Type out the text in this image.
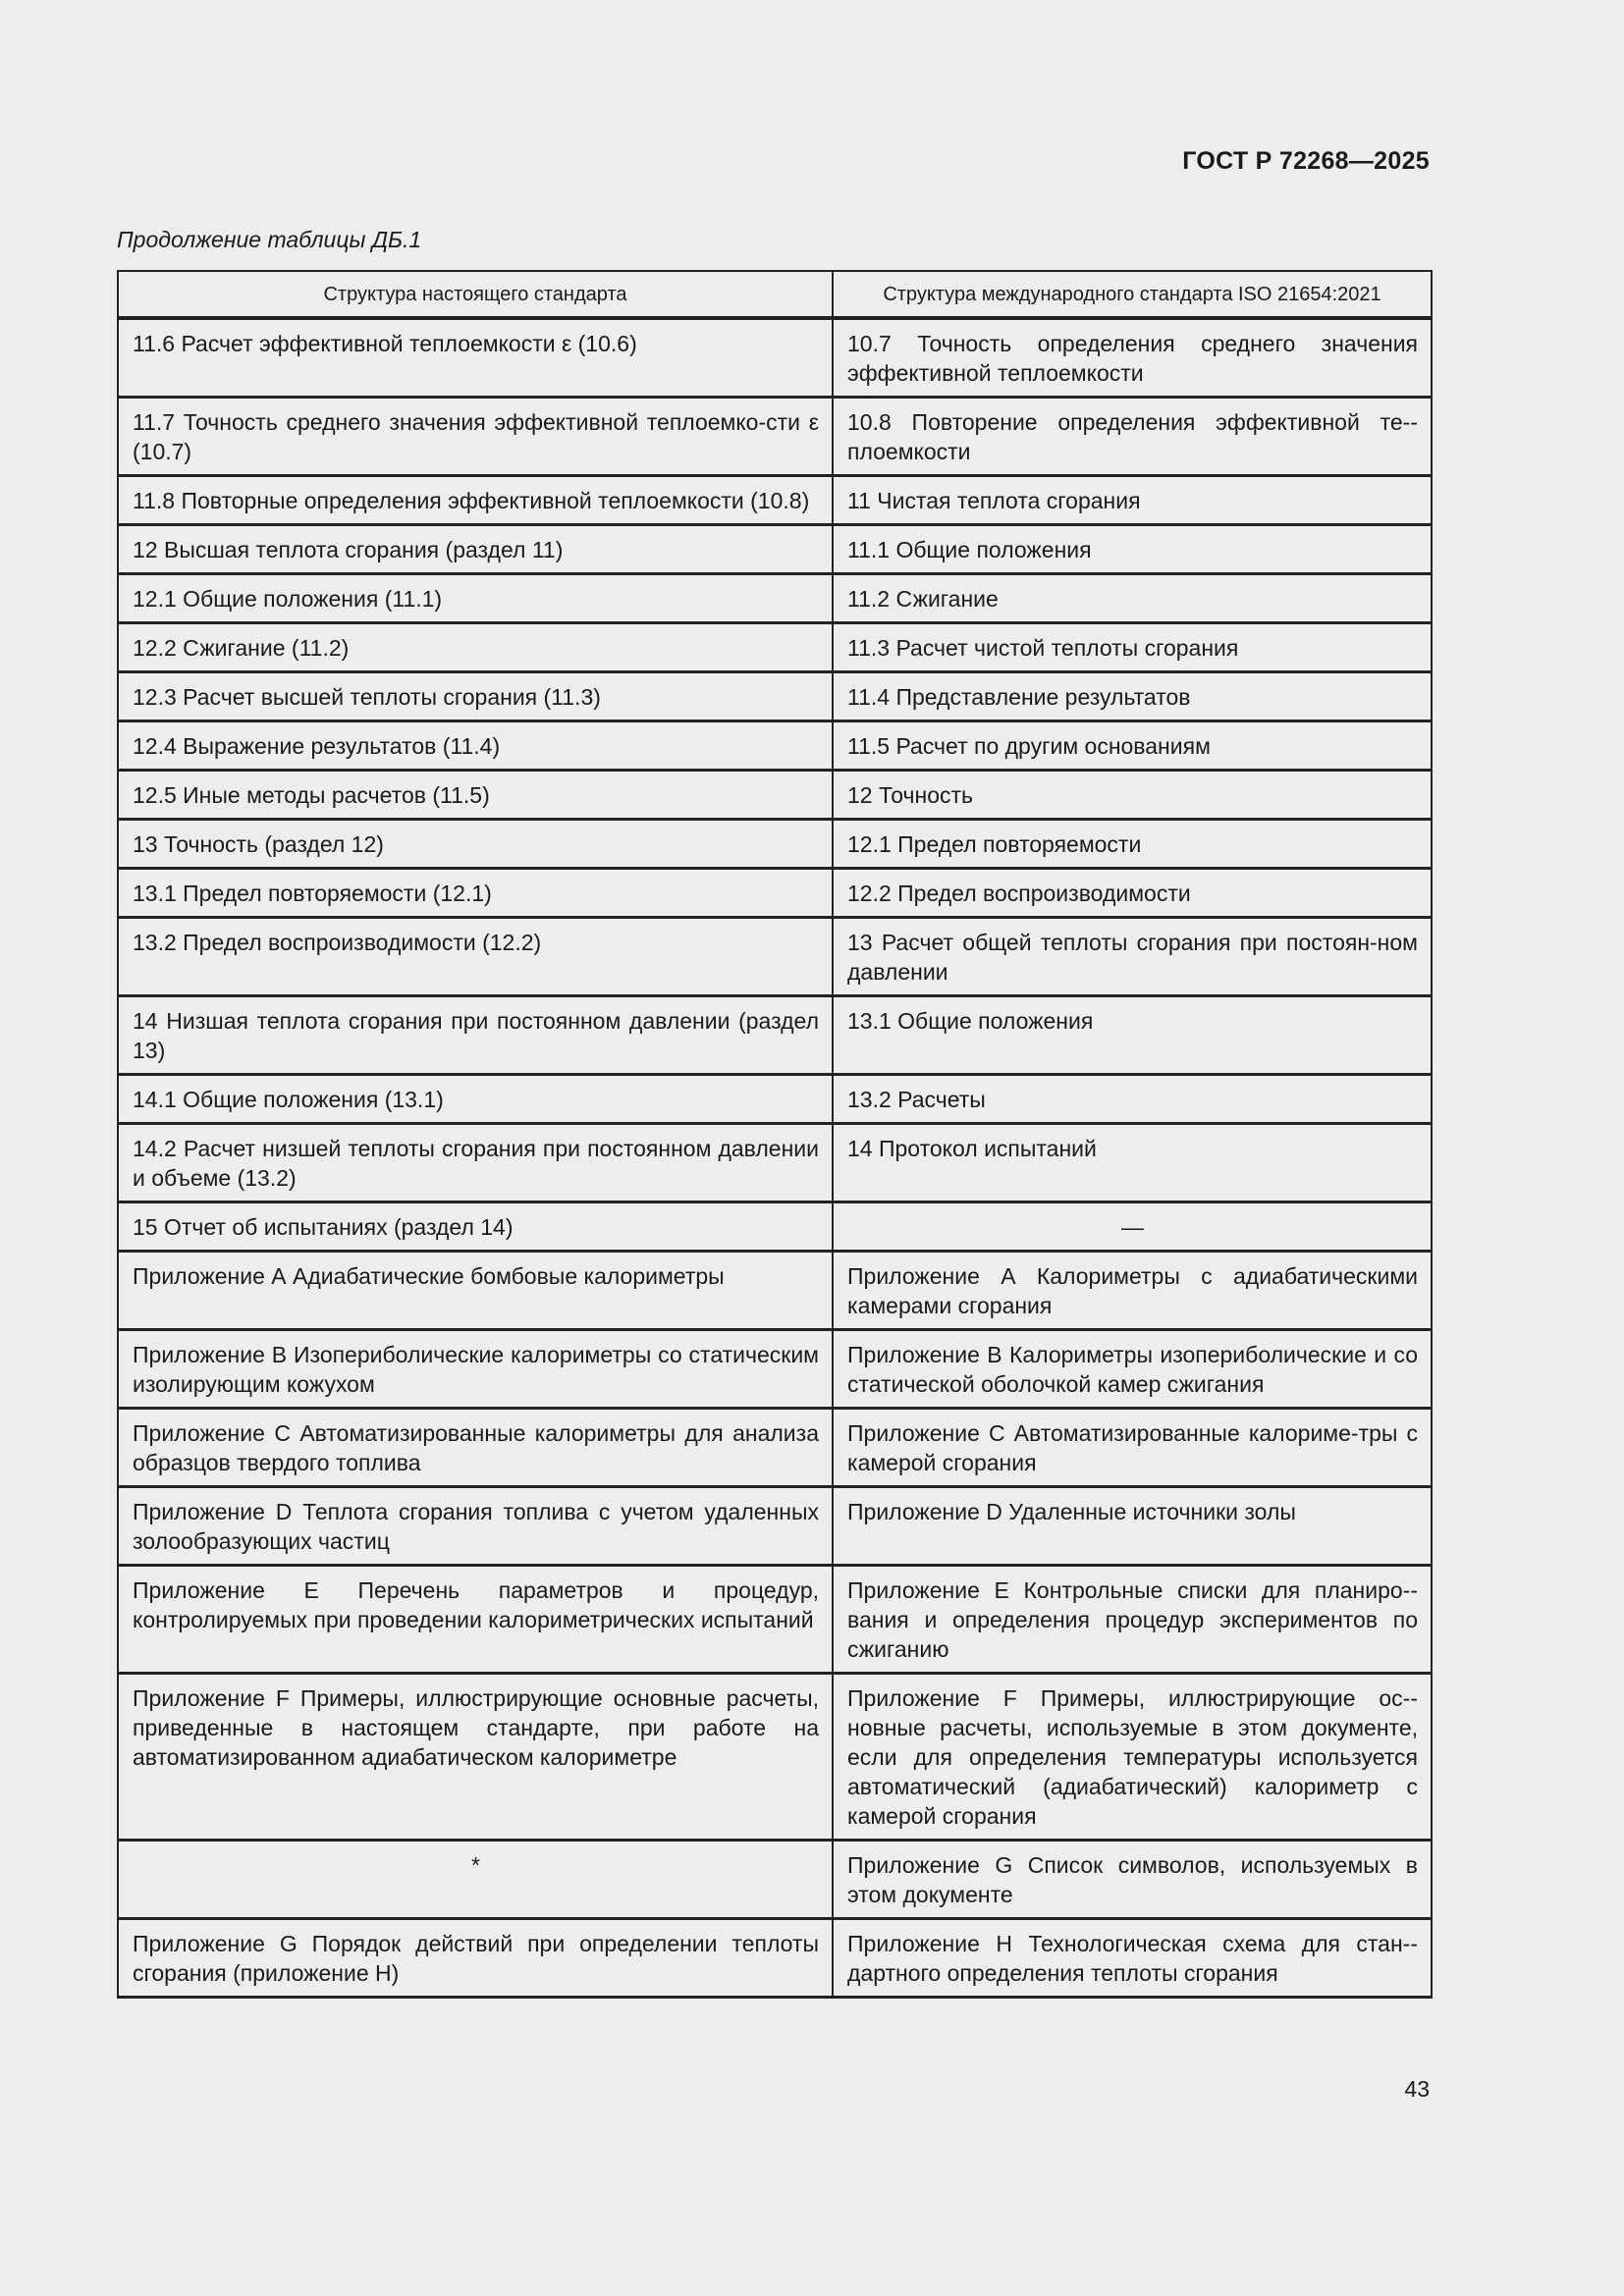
ГОСТ Р 72268—2025
Продолжение таблицы ДБ.1
Структура настоящего стандарта	Структура международного стандарта ISO 21654:2021
11.6 Расчет эффективной теплоемкости ε (10.6)	10.7 Точность определения среднего значения эффективной теплоемкости
11.7 Точность среднего значения эффективной теплоемко-сти ε (10.7)	10.8 Повторение определения эффективной те-плоемкости
11.8 Повторные определения эффективной теплоемкости (10.8)	11 Чистая теплота сгорания
12 Высшая теплота сгорания (раздел 11)	11.1 Общие положения
12.1 Общие положения (11.1)	11.2 Сжигание
12.2 Сжигание (11.2)	11.3 Расчет чистой теплоты сгорания
12.3 Расчет высшей теплоты сгорания (11.3)	11.4 Представление результатов
12.4 Выражение результатов (11.4)	11.5 Расчет по другим основаниям
12.5 Иные методы расчетов (11.5)	12 Точность
13 Точность (раздел 12)	12.1 Предел повторяемости
13.1 Предел повторяемости (12.1)	12.2 Предел воспроизводимости
13.2 Предел воспроизводимости (12.2)	13 Расчет общей теплоты сгорания при постоян-ном давлении
14 Низшая теплота сгорания при постоянном давлении (раздел 13)	13.1 Общие положения
14.1 Общие положения (13.1)	13.2 Расчеты
14.2 Расчет низшей теплоты сгорания при постоянном давлении и объеме (13.2)	14 Протокол испытаний
15 Отчет об испытаниях (раздел 14)	—
Приложение А Адиабатические бомбовые калориметры	Приложение А Калориметры с адиабатическими камерами сгорания
Приложение В Изопериболические калориметры со статическим изолирующим кожухом	Приложение В Калориметры изопериболические и со статической оболочкой камер сжигания
Приложение С Автоматизированные калориметры для анализа образцов твердого топлива	Приложение С Автоматизированные калориме-тры с камерой сгорания
Приложение D Теплота сгорания топлива с учетом удаленных золообразующих частиц	Приложение D Удаленные источники золы
Приложение E Перечень параметров и процедур, контролируемых при проведении калориметрических испытаний	Приложение E Контрольные списки для планиро-вания и определения процедур экспериментов по сжиганию
Приложение F Примеры, иллюстрирующие основные расчеты, приведенные в настоящем стандарте, при работе на автоматизированном адиабатическом калориметре	Приложение F Примеры, иллюстрирующие ос-новные расчеты, используемые в этом документе, если для определения температуры используется автоматический (адиабатический) калориметр с камерой сгорания
*	Приложение G Список символов, используемых в этом документе
Приложение G Порядок действий при определении теплоты сгорания (приложение Н)	Приложение H Технологическая схема для стан-дартного определения теплоты сгорания
43
